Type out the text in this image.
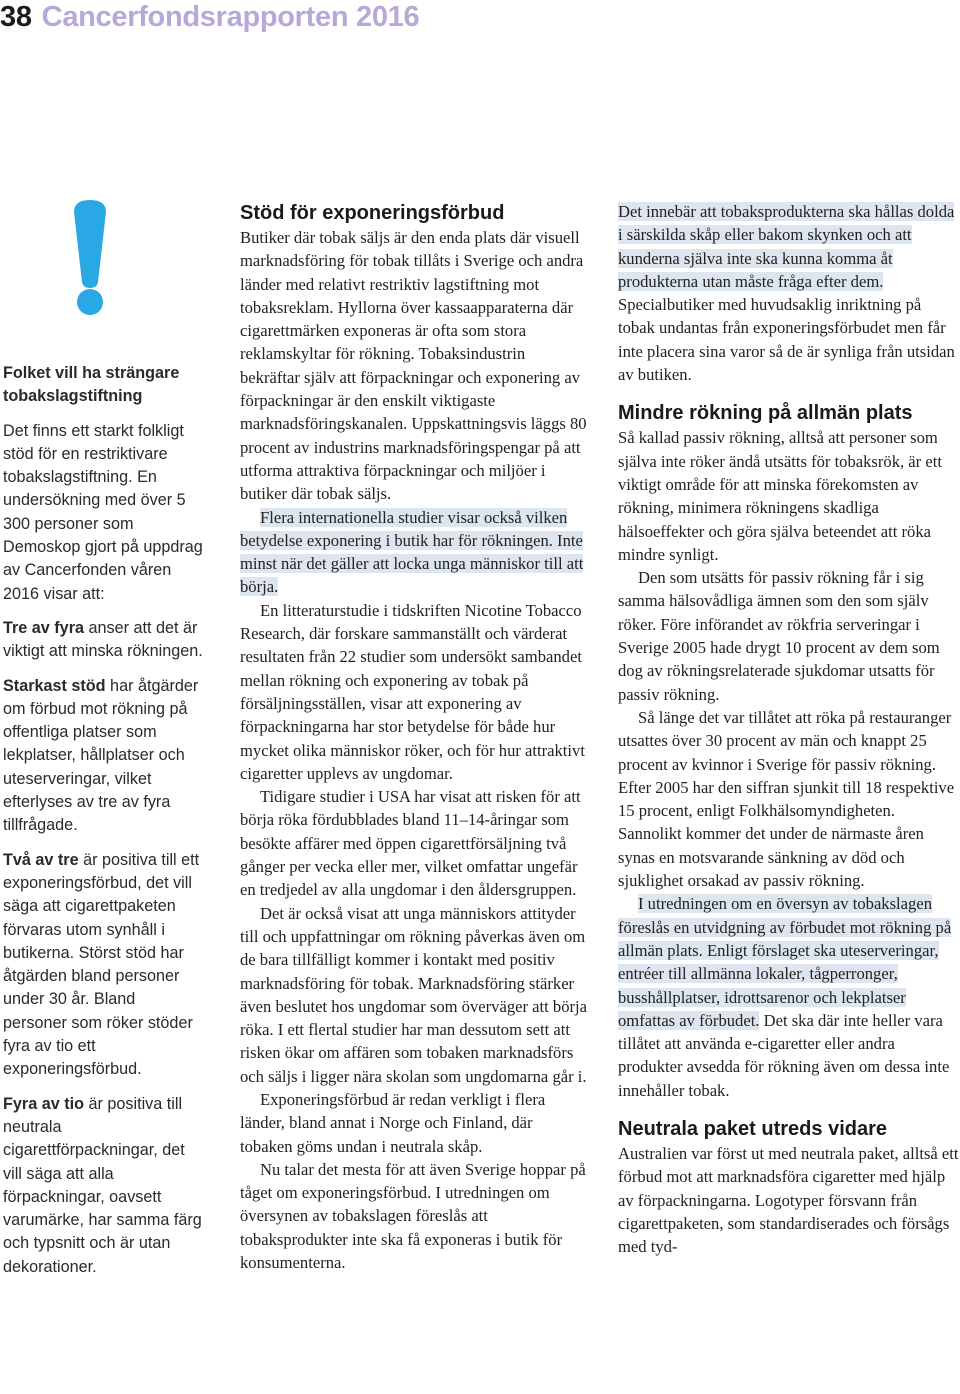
38 Cancerfondsrapporten 2016
Folket vill ha strängare tobakslagstiftning

Det finns ett starkt folkligt stöd för en restriktivare tobakslagstiftning. En undersökning med över 5 300 personer som Demoskop gjort på uppdrag av Cancerfonden våren 2016 visar att:

Tre av fyra anser att det är viktigt att minska rökningen.

Starkast stöd har åtgärder om förbud mot rökning på offentliga platser som lekplatser, hållplatser och uteserveringar, vilket efterlyses av tre av fyra tillfrågade.

Två av tre är positiva till ett exponeringsförbud, det vill säga att cigarettpaketen förvaras utom synhåll i butikerna. Störst stöd har åtgärden bland personer under 30 år. Bland personer som röker stöder fyra av tio ett exponeringsförbud.

Fyra av tio är positiva till neutrala cigarettförpackningar, det vill säga att alla förpackningar, oavsett varumärke, har samma färg och typsnitt och är utan dekorationer.

Stöd för exponeringsförbud

Butiker där tobak säljs är den enda plats där visuell marknadsföring för tobak tillåts i Sverige och andra länder med relativt restriktiv lagstiftning mot tobaksreklam. Hyllorna över kassaapparaterna där cigarettmärken exponeras är ofta som stora reklamskyltar för rökning. Tobaksindustrin bekräftar själv att förpackningar och exponering av förpackningar är den enskilt viktigaste marknadsföringskanalen. Uppskattningsvis läggs 80 procent av industrins marknadsföringspengar på att utforma attraktiva förpackningar och miljöer i butiker där tobak säljs.

Flera internationella studier visar också vilken betydelse exponering i butik har för rökningen. Inte minst när det gäller att locka unga människor till att börja.

En litteraturstudie i tidskriften Nicotine Tobacco Research, där forskare sammanställt och värderat resultaten från 22 studier som undersökt sambandet mellan rökning och exponering av tobak på försäljningsställen, visar att exponering av förpackningarna har stor betydelse för både hur mycket olika människor röker, och för hur attraktivt cigaretter upplevs av ungdomar.

Tidigare studier i USA har visat att risken för att börja röka fördubblades bland 11–14-åringar som besökte affärer med öppen cigarettförsäljning två gånger per vecka eller mer, vilket omfattar ungefär en tredjedel av alla ungdomar i den åldersgruppen.

Det är också visat att unga människors attityder till och uppfattningar om rökning påverkas även om de bara tillfälligt kommer i kontakt med positiv marknadsföring för tobak. Marknadsföring stärker även beslutet hos ungdomar som överväger att börja röka. I ett flertal studier har man dessutom sett att risken ökar om affären som tobaken marknadsförs och säljs i ligger nära skolan som ungdomarna går i.

Exponeringsförbud är redan verkligt i flera länder, bland annat i Norge och Finland, där tobaken göms undan i neutrala skåp.

Nu talar det mesta för att även Sverige hoppar på tåget om exponeringsförbud. I utredningen om översynen av tobakslagen föreslås att tobaksprodukter inte ska få exponeras i butik för konsumenterna.

Det innebär att tobaksprodukterna ska hållas dolda i särskilda skåp eller bakom skynken och att kunderna själva inte ska kunna komma åt produkterna utan måste fråga efter dem. Specialbutiker med huvudsaklig inriktning på tobak undantas från exponeringsförbudet men får inte placera sina varor så de är synliga från utsidan av butiken.

Mindre rökning på allmän plats

Så kallad passiv rökning, alltså att personer som själva inte röker ändå utsätts för tobaksrök, är ett viktigt område för att minska förekomsten av rökning, minimera rökningens skadliga hälsoeffekter och göra själva beteendet att röka mindre synligt.

Den som utsätts för passiv rökning får i sig samma hälsovådliga ämnen som den som själv röker. Före införandet av rökfria serveringar i Sverige 2005 hade drygt 10 procent av dem som dog av rökningsrelaterade sjukdomar utsatts för passiv rökning.

Så länge det var tillåtet att röka på restauranger utsattes över 30 procent av män och knappt 25 procent av kvinnor i Sverige för passiv rökning. Efter 2005 har den siffran sjunkit till 18 respektive 15 procent, enligt Folkhälsomyndigheten. Sannolikt kommer det under de närmaste åren synas en motsvarande sänkning av död och sjuklighet orsakad av passiv rökning.

I utredningen om en översyn av tobakslagen föreslås en utvidgning av förbudet mot rökning på allmän plats. Enligt förslaget ska uteserveringar, entréer till allmänna lokaler, tågperronger, busshållplatser, idrottsarenor och lekplatser omfattas av förbudet. Det ska där inte heller vara tillåtet att använda e-cigaretter eller andra produkter avsedda för rökning även om dessa inte innehåller tobak.

Neutrala paket utreds vidare

Australien var först ut med neutrala paket, alltså ett förbud mot att marknadsföra cigaretter med hjälp av förpackningarna. Logotyper försvann från cigarettpaketen, som standardiserades och försågs med tyd-
